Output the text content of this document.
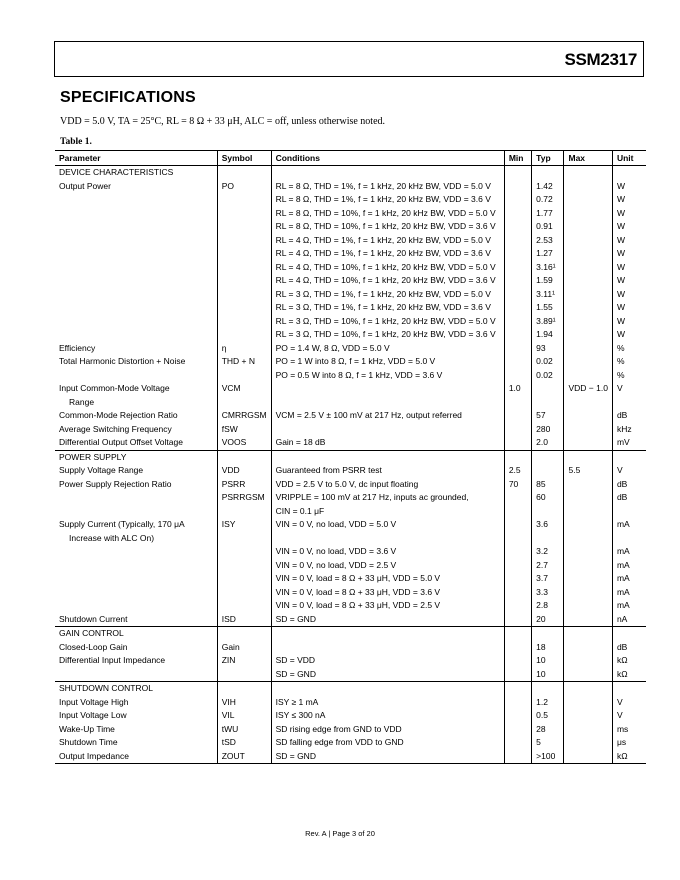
SSM2317
SPECIFICATIONS
VDD = 5.0 V, TA = 25°C, RL = 8 Ω + 33 μH, ALC = off, unless otherwise noted.
Table 1.
Parameter	Symbol	Conditions	Min	Typ	Max	Unit
DEVICE CHARACTERISTICS						
Output Power	PO	RL = 8 Ω, THD = 1%, f = 1 kHz, 20 kHz BW, VDD = 5.0 V		1.42		W
		RL = 8 Ω, THD = 1%, f = 1 kHz, 20 kHz BW, VDD = 3.6 V		0.72		W
		RL = 8 Ω, THD = 10%, f = 1 kHz, 20 kHz BW, VDD = 5.0 V		1.77		W
		RL = 8 Ω, THD = 10%, f = 1 kHz, 20 kHz BW, VDD = 3.6 V		0.91		W
		RL = 4 Ω, THD = 1%, f = 1 kHz, 20 kHz BW, VDD = 5.0 V		2.53		W
		RL = 4 Ω, THD = 1%, f = 1 kHz, 20 kHz BW, VDD = 3.6 V		1.27		W
		RL = 4 Ω, THD = 10%, f = 1 kHz, 20 kHz BW, VDD = 5.0 V		3.16¹		W
		RL = 4 Ω, THD = 10%, f = 1 kHz, 20 kHz BW, VDD = 3.6 V		1.59		W
		RL = 3 Ω, THD = 1%, f = 1 kHz, 20 kHz BW, VDD = 5.0 V		3.11¹		W
		RL = 3 Ω, THD = 1%, f = 1 kHz, 20 kHz BW, VDD = 3.6 V		1.55		W
		RL = 3 Ω, THD = 10%, f = 1 kHz, 20 kHz BW, VDD = 5.0 V		3.89¹		W
		RL = 3 Ω, THD = 10%, f = 1 kHz, 20 kHz BW, VDD = 3.6 V		1.94		W
Efficiency	η	PO = 1.4 W, 8 Ω, VDD = 5.0 V		93		%
Total Harmonic Distortion + Noise	THD + N	PO = 1 W into 8 Ω, f = 1 kHz, VDD = 5.0 V		0.02		%
		PO = 0.5 W into 8 Ω, f = 1 kHz, VDD = 3.6 V		0.02		%
Input Common-Mode Voltage
Range	VCM		1.0		VDD − 1.0	V
Common-Mode Rejection Ratio	CMRRGSM	VCM = 2.5 V ± 100 mV at 217 Hz, output referred		57		dB
Average Switching Frequency	fSW			280		kHz
Differential Output Offset Voltage	VOOS	Gain = 18 dB		2.0		mV
POWER SUPPLY						
Supply Voltage Range	VDD	Guaranteed from PSRR test	2.5		5.5	V
Power Supply Rejection Ratio	PSRR	VDD = 2.5 V to 5.0 V, dc input floating	70	85		dB
	PSRRGSM	VRIPPLE = 100 mV at 217 Hz, inputs ac grounded,
CIN = 0.1 μF		60		dB
Supply Current (Typically, 170 μA
Increase with ALC On)	ISY	VIN = 0 V, no load, VDD = 5.0 V		3.6		mA
		VIN = 0 V, no load, VDD = 3.6 V		3.2		mA
		VIN = 0 V, no load, VDD = 2.5 V		2.7		mA
		VIN = 0 V, load = 8 Ω + 33 μH, VDD = 5.0 V		3.7		mA
		VIN = 0 V, load = 8 Ω + 33 μH, VDD = 3.6 V		3.3		mA
		VIN = 0 V, load = 8 Ω + 33 μH, VDD = 2.5 V		2.8		mA
Shutdown Current	ISD	SD = GND		20		nA
GAIN CONTROL						
Closed-Loop Gain	Gain			18		dB
Differential Input Impedance	ZIN	SD = VDD		10		kΩ
		SD = GND		10		kΩ
SHUTDOWN CONTROL						
Input Voltage High	VIH	ISY ≥ 1 mA		1.2		V
Input Voltage Low	VIL	ISY ≤ 300 nA		0.5		V
Wake-Up Time	tWU	SD rising edge from GND to VDD		28		ms
Shutdown Time	tSD	SD falling edge from VDD to GND		5		μs
Output Impedance	ZOUT	SD = GND		>100		kΩ
Rev. A | Page 3 of 20
